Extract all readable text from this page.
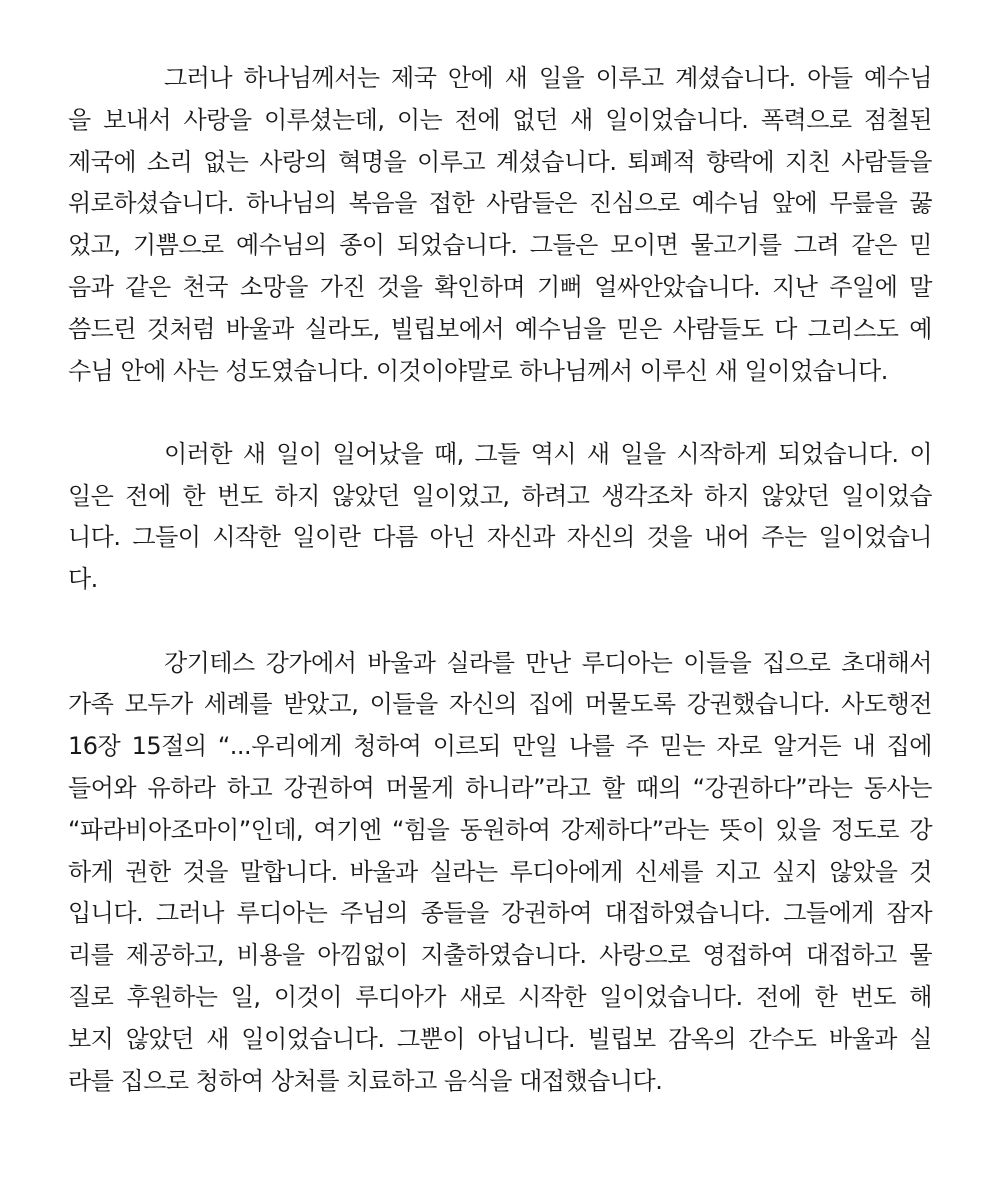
그러나 하나님께서는 제국 안에 새 일을 이루고 계셨습니다. 아들 예수님
을 보내서 사랑을 이루셨는데, 이는 전에 없던 새 일이었습니다. 폭력으로 점철된
제국에 소리 없는 사랑의 혁명을 이루고 계셨습니다. 퇴폐적 향락에 지친 사람들을
위로하셨습니다. 하나님의 복음을 접한 사람들은 진심으로 예수님 앞에 무릎을 꿇
었고, 기쁨으로 예수님의 종이 되었습니다. 그들은 모이면 물고기를 그려 같은 믿
음과 같은 천국 소망을 가진 것을 확인하며 기뻐 얼싸안았습니다. 지난 주일에 말
씀드린 것처럼 바울과 실라도, 빌립보에서 예수님을 믿은 사람들도 다 그리스도 예
수님 안에 사는 성도였습니다. 이것이야말로 하나님께서 이루신 새 일이었습니다.
이러한 새 일이 일어났을 때, 그들 역시 새 일을 시작하게 되었습니다. 이
일은 전에 한 번도 하지 않았던 일이었고, 하려고 생각조차 하지 않았던 일이었습
니다. 그들이 시작한 일이란 다름 아닌 자신과 자신의 것을 내어 주는 일이었습니
다.
강기테스 강가에서 바울과 실라를 만난 루디아는 이들을 집으로 초대해서
가족 모두가 세례를 받았고, 이들을 자신의 집에 머물도록 강권했습니다. 사도행전
16장 15절의 “...우리에게 청하여 이르되 만일 나를 주 믿는 자로 알거든 내 집에
들어와 유하라 하고 강권하여 머물게 하니라”라고 할 때의 “강권하다”라는 동사는
“파라비아조마이”인데, 여기엔 “힘을 동원하여 강제하다”라는 뜻이 있을 정도로 강
하게 권한 것을 말합니다. 바울과 실라는 루디아에게 신세를 지고 싶지 않았을 것
입니다. 그러나 루디아는 주님의 종들을 강권하여 대접하였습니다. 그들에게 잠자
리를 제공하고, 비용을 아낌없이 지출하였습니다. 사랑으로 영접하여 대접하고 물
질로 후원하는 일, 이것이 루디아가 새로 시작한 일이었습니다. 전에 한 번도 해
보지 않았던 새 일이었습니다. 그뿐이 아닙니다. 빌립보 감옥의 간수도 바울과 실
라를 집으로 청하여 상처를 치료하고 음식을 대접했습니다.
